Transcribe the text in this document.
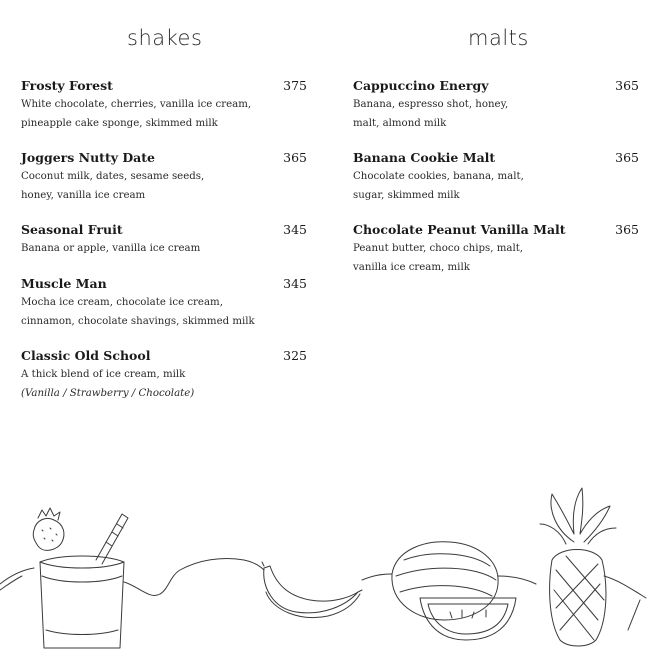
shakes	malts
Frosty Forest	375
White chocolate, cherries, vanilla ice cream,
pineapple cake sponge, skimmed milk
Joggers Nutty Date	365
Coconut milk, dates, sesame seeds,
honey, vanilla ice cream
Seasonal Fruit	345
Banana or apple, vanilla ice cream
Muscle Man	345
Mocha ice cream, chocolate ice cream,
cinnamon, chocolate shavings, skimmed milk
Classic Old School	325
A thick blend of ice cream, milk
(Vanilla / Strawberry / Chocolate)
Cappuccino Energy	365
Banana, espresso shot, honey,
malt, almond milk
Banana Cookie Malt	365
Chocolate cookies, banana, malt,
sugar, skimmed milk
Chocolate Peanut Vanilla Malt	365
Peanut butter, choco chips, malt,
vanilla ice cream, milk
